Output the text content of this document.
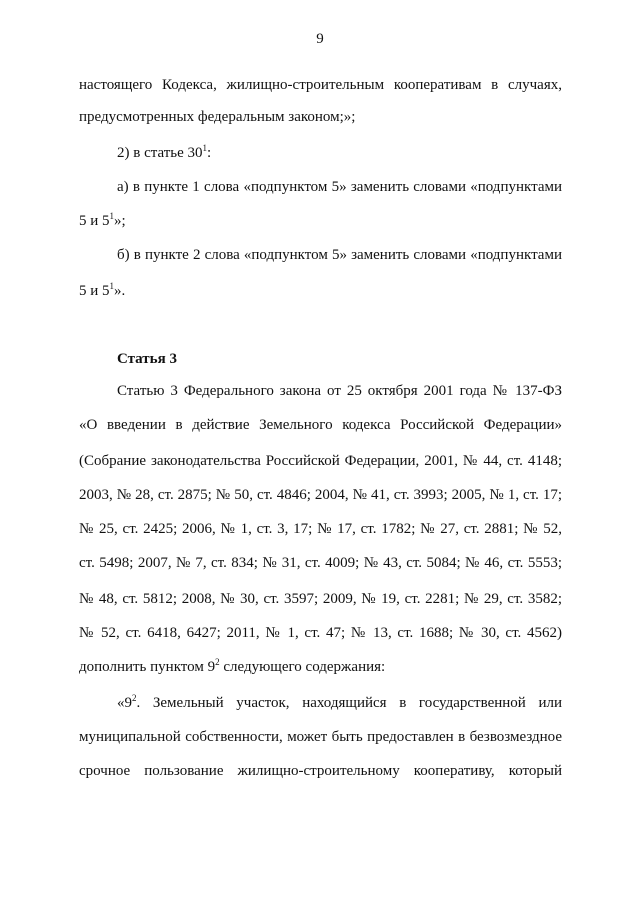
9
настоящего Кодекса, жилищно-строительным кооперативам в случаях,
предусмотренных федеральным законом;»;
2) в статье $30^1$:
а) в пункте 1 слова «подпунктом 5» заменить словами «подпунктами
5 и $5^1$»;
б) в пункте 2 слова «подпунктом 5» заменить словами «подпунктами
5 и $5^1$».
Статья 3
Статью 3 Федерального закона от 25 октября 2001 года № 137-ФЗ
«О введении в действие Земельного кодекса Российской Федерации»
(Собрание законодательства Российской Федерации, 2001, № 44, ст. 4148;
2003, № 28, ст. 2875; № 50, ст. 4846; 2004, № 41, ст. 3993; 2005, № 1, ст. 17;
№ 25, ст. 2425; 2006, № 1, ст. 3, 17; № 17, ст. 1782; № 27, ст. 2881; № 52,
ст. 5498; 2007, № 7, ст. 834; № 31, ст. 4009; № 43, ст. 5084; № 46, ст. 5553;
№ 48, ст. 5812; 2008, № 30, ст. 3597; 2009, № 19, ст. 2281; № 29, ст. 3582;
№ 52, ст. 6418, 6427; 2011, № 1, ст. 47; № 13, ст. 1688; № 30, ст. 4562)
дополнить пунктом $9^2$ следующего содержания:
«$9^2$. Земельный участок, находящийся в государственной или
муниципальной собственности, может быть предоставлен в безвозмездное
срочное пользование жилищно-строительному кооперативу, который
